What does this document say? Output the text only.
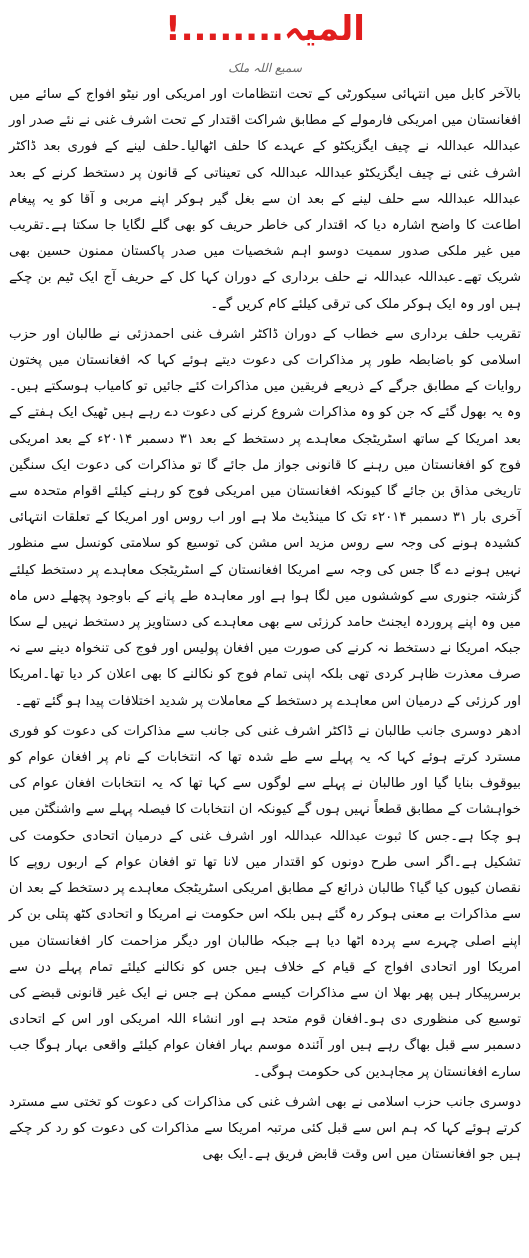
المیہ........!
سمیع اللہ ملک

بالآخر کابل میں انتہائی سیکورٹی کے تحت انتظامات اور امریکی اور نیٹو افواج کے سائے میں افغانستان میں امریکی فارمولے کے مطابق شراکت اقتدار کے تحت اشرف غنی نے نئے صدر اور عبداللہ عبداللہ نے چیف ایگزیکٹو کے عہدے کا حلف اٹھالیا۔حلف لینے کے فوری بعد ڈاکٹر اشرف غنی نے چیف ایگزیکٹو عبداللہ عبداللہ کی تعیناتی کے قانون پر دستخط کرنے کے بعد عبداللہ عبداللہ سے حلف لینے کے بعد ان سے بغل گیر ہوکر اپنے مربی و آقا کو یہ پیغام اطاعت کا واضح اشارہ دیا کہ اقتدار کی خاطر حریف کو بھی گلے لگایا جا سکتا ہے۔تقریب میں غیر ملکی صدور سمیت دوسو اہم شخصیات میں صدر پاکستان ممنون حسین بھی شریک تھے۔عبداللہ عبداللہ نے حلف برداری کے دوران کہا کل کے حریف آج ایک ٹیم بن چکے ہیں اور وہ ایک ہوکر ملک کی ترقی کیلئے کام کریں گے۔

تقریب حلف برداری سے خطاب کے دوران ڈاکٹر اشرف غنی احمدزئی نے طالبان اور حزب اسلامی کو باضابطہ طور پر مذاکرات کی دعوت دیتے ہوئے کہا کہ افغانستان میں پختون روایات کے مطابق جرگے کے ذریعے فریقین میں مذاکرات کئے جائیں تو کامیاب ہوسکتے ہیں۔وہ یہ بھول گئے کہ جن کو وہ مذاکرات شروع کرنے کی دعوت دے رہے ہیں ٹھیک ایک ہفتے کے بعد امریکا کے ساتھ اسٹریٹجک معاہدے پر دستخط کے بعد ۳۱ دسمبر ۲۰۱۴ء کے بعد امریکی فوج کو افغانستان میں رہنے کا قانونی جواز مل جائے گا تو مذاکرات کی دعوت ایک سنگین تاریخی مذاق بن جائے گا کیونکہ افغانستان میں امریکی فوج کو رہنے کیلئے اقوام متحدہ سے آخری بار ۳۱ دسمبر ۲۰۱۴ء تک کا مینڈیٹ ملا ہے اور اب روس اور امریکا کے تعلقات انتہائی کشیدہ ہونے کی وجہ سے روس مزید اس مشن کی توسیع کو سلامتی کونسل سے منظور نہیں ہونے دے گا جس کی وجہ سے امریکا افغانستان کے اسٹریٹجک معاہدے پر دستخط کیلئے گزشتہ جنوری سے کوششوں میں لگا ہوا ہے اور معاہدہ طے پانے کے باوجود پچھلے دس ماہ میں وہ اپنے پروردہ ایجنٹ حامد کرزئی سے بھی معاہدے کی دستاویز پر دستخط نہیں لے سکا جبکہ امریکا نے دستخط نہ کرنے کی صورت میں افغان پولیس اور فوج کی تنخواہ دینے سے نہ صرف معذرت ظاہر کردی تھی بلکہ اپنی تمام فوج کو نکالنے کا بھی اعلان کر دیا تھا۔امریکا اور کرزئی کے درمیان اس معاہدے پر دستخط کے معاملات پر شدید اختلافات پیدا ہو گئے تھے۔

ادھر دوسری جانب طالبان نے ڈاکٹر اشرف غنی کی جانب سے مذاکرات کی دعوت کو فوری مسترد کرتے ہوئے کہا کہ یہ پہلے سے طے شدہ تھا کہ انتخابات کے نام پر افغان عوام کو بیوقوف بنایا گیا اور طالبان نے پہلے سے لوگوں سے کہا تھا کہ یہ انتخابات افغان عوام کی خواہشات کے مطابق قطعاً نہیں ہوں گے کیونکہ ان انتخابات کا فیصلہ پہلے سے واشنگٹن میں ہو چکا ہے۔جس کا ثبوت عبداللہ عبداللہ اور اشرف غنی کے درمیان اتحادی حکومت کی تشکیل ہے۔اگر اسی طرح دونوں کو اقتدار میں لانا تھا تو افغان عوام کے اربوں روپے کا نقصان کیوں کیا گیا؟ طالبان ذرائع کے مطابق امریکی اسٹریٹجک معاہدے پر دستخط کے بعد ان سے مذاکرات بے معنی ہوکر رہ گئے ہیں بلکہ اس حکومت نے امریکا و اتحادی کٹھ پتلی بن کر اپنے اصلی چہرے سے پردہ اٹھا دیا ہے جبکہ طالبان اور دیگر مزاحمت کار افغانستان میں امریکا اور اتحادی افواج کے قیام کے خلاف ہیں جس کو نکالنے کیلئے تمام پہلے دن سے برسرپیکار ہیں پھر بھلا ان سے مذاکرات کیسے ممکن ہے جس نے ایک غیر قانونی قبضے کی توسیع کی منظوری دی ہو۔افغان قوم متحد ہے اور انشاء اللہ امریکی اور اس کے اتحادی دسمبر سے قبل بھاگ رہے ہیں اور آئندہ موسم بہار افغان عوام کیلئے واقعی بہار ہوگا جب سارے افغانستان پر مجاہدین کی حکومت ہوگی۔

دوسری جانب حزب اسلامی نے بھی اشرف غنی کی مذاکرات کی دعوت کو تختی سے مسترد کرتے ہوئے کہا کہ ہم اس سے قبل کئی مرتبہ امریکا سے مذاکرات کی دعوت کو رد کر چکے ہیں جو افغانستان میں اس وقت قابض فریق ہے۔ایک بھی
